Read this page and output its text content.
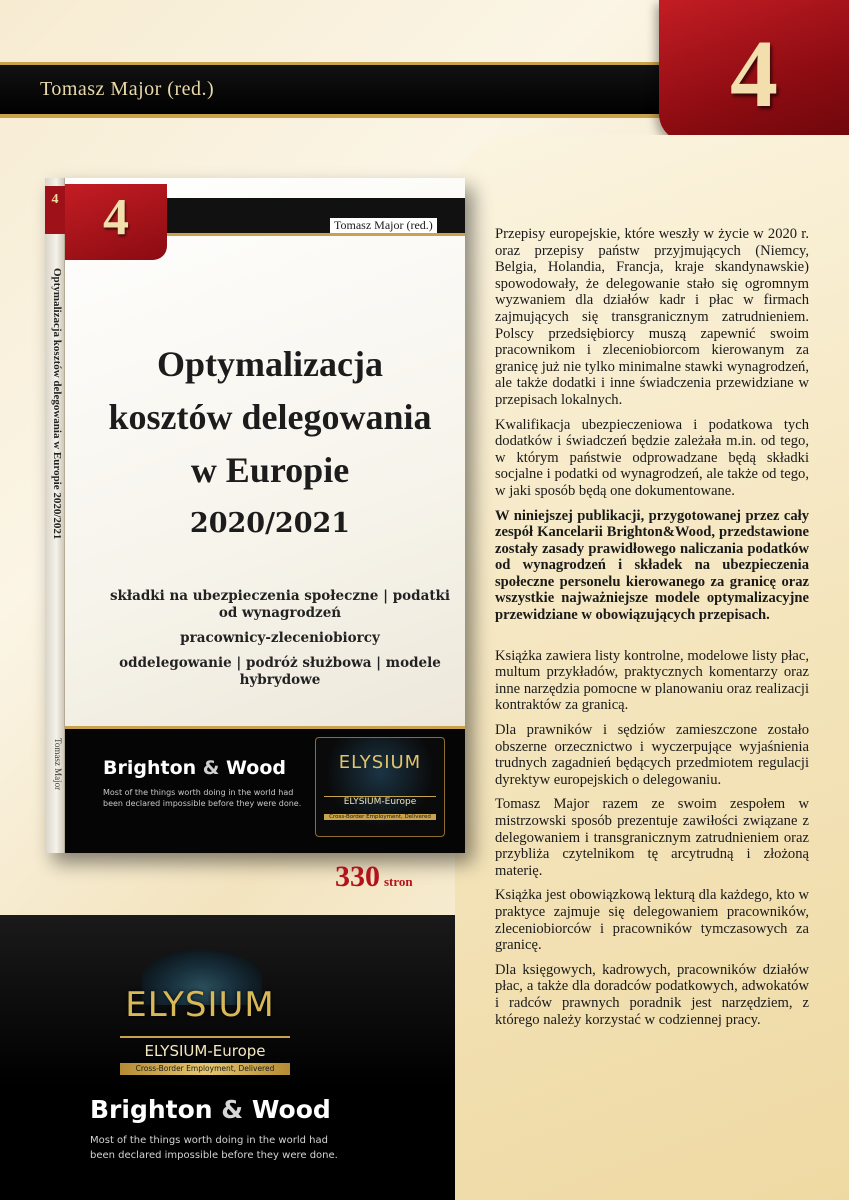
Tomasz Major (red.)	4
4
Optymalizacja kosztów delegowania w Europie 2020/2021
Tomasz Major
Tomasz Major (red.)
4
Optymalizacja
kosztów delegowania
w Europie
2020/2021
składki na ubezpieczenia społeczne | podatki od wynagrodzeń
pracownicy-zleceniobiorcy
oddelegowanie | podróż służbowa | modele hybrydowe
Brighton & Wood
Most of the things worth doing in the world had been declared impossible before they were done.
ELYSIUM
ELYSIUM-Europe
Cross-Border Employment, Delivered
330 stron

Przepisy europejskie, które weszły w życie w 2020 r. oraz przepisy państw przyjmujących (Niemcy, Belgia, Holandia, Francja, kraje skandynawskie) spowodowały, że delegowanie stało się ogromnym wyzwaniem dla działów kadr i płac w firmach zajmujących się transgranicznym zatrudnieniem. Polscy przedsiębiorcy muszą zapewnić swoim pracownikom i zleceniobiorcom kierowanym za granicę już nie tylko minimalne stawki wynagrodzeń, ale także dodatki i inne świadczenia przewidziane w przepisach lokalnych.

Kwalifikacja ubezpieczeniowa i podatkowa tych dodatków i świadczeń będzie zależała m.in. od tego, w którym państwie odprowadzane będą składki socjalne i podatki od wynagrodzeń, ale także od tego, w jaki sposób będą one dokumentowane.

W niniejszej publikacji, przygotowanej przez cały zespół Kancelarii Brighton&Wood, przedstawione zostały zasady prawidłowego naliczania podatków od wynagrodzeń i składek na ubezpieczenia społeczne personelu kierowanego za granicę oraz wszystkie najważniejsze modele optymalizacyjne przewidziane w obowiązujących przepisach.

Książka zawiera listy kontrolne, modelowe listy płac, multum przykładów, praktycznych komentarzy oraz inne narzędzia pomocne w planowaniu oraz realizacji kontraktów za granicą.

Dla prawników i sędziów zamieszczone zostało obszerne orzecznictwo i wyczerpujące wyjaśnienia trudnych zagadnień będących przedmiotem regulacji dyrektyw europejskich o delegowaniu.

Tomasz Major razem ze swoim zespołem w mistrzowski sposób prezentuje zawiłości związane z delegowaniem i transgranicznym zatrudnieniem oraz przybliża czytelnikom tę arcytrudną i złożoną materię.

Książka jest obowiązkową lekturą dla każdego, kto w praktyce zajmuje się delegowaniem pracowników, zleceniobiorców i pracowników tymczasowych za granicę.

Dla księgowych, kadrowych, pracowników działów płac, a także dla doradców podatkowych, adwokatów i radców prawnych poradnik jest narzędziem, z którego należy korzystać w codziennej pracy.

ELYSIUM
ELYSIUM-Europe
Cross-Border Employment, Delivered
Brighton & Wood
Most of the things worth doing in the world had been declared impossible before they were done.
